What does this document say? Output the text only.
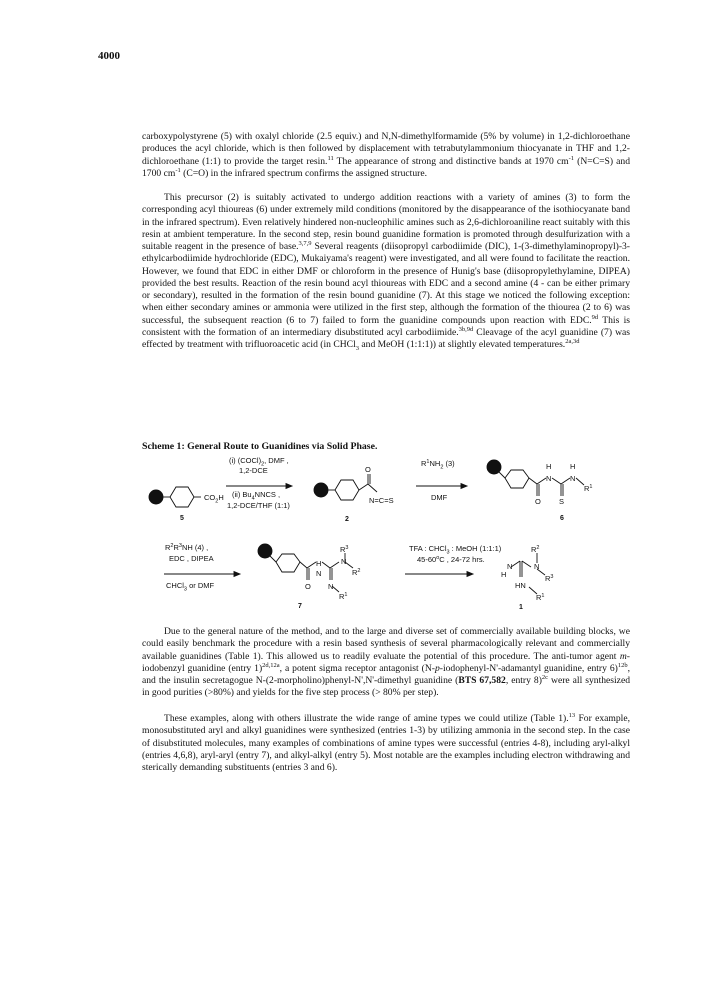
4000

carboxypolystyrene (5) with oxalyl chloride (2.5 equiv.) and N,N-dimethylformamide (5% by volume) in 1,2-dichloroethane produces the acyl chloride, which is then followed by displacement with tetrabutylammonium thiocyanate in THF and 1,2-dichloroethane (1:1) to provide the target resin.$^{11}$ The appearance of strong and distinctive bands at 1970 $cm^{-1}$ (N=C=S) and 1700 $cm^{-1}$ (C=O) in the infrared spectrum confirms the assigned structure.

This precursor (2) is suitably activated to undergo addition reactions with a variety of amines (3) to form the corresponding acyl thioureas (6) under extremely mild conditions (monitored by the disappearance of the isothiocyanate band in the infrared spectrum). Even relatively hindered non-nucleophilic amines such as 2,6-dichloroaniline react suitably with this resin at ambient temperature. In the second step, resin bound guanidine formation is promoted through desulfurization with a suitable reagent in the presence of base.$^{3,7,9}$ Several reagents (diisopropyl carbodiimide (DIC), 1-(3-dimethylaminopropyl)-3-ethylcarbodiimide hydrochloride (EDC), Mukaiyama's reagent) were investigated, and all were found to facilitate the reaction. However, we found that EDC in either DMF or chloroform in the presence of Hunig's base (diisopropylethylamine, DIPEA) provided the best results. Reaction of the resin bound acyl thioureas with EDC and a second amine (4 - can be either primary or secondary), resulted in the formation of the resin bound guanidine (7). At this stage we noticed the following exception: when either secondary amines or ammonia were utilized in the first step, although the formation of the thiourea (2 to 6) was successful, the subsequent reaction (6 to 7) failed to form the guanidine compounds upon reaction with EDC.$^{9d}$ This is consistent with the formation of an intermediary disubstituted acyl carbodiimide.$^{3b,9d}$ Cleavage of the acyl guanidine (7) was effected by treatment with trifluoroacetic acid (in CHCl$_3$ and MeOH (1:1:1)) at slightly elevated temperatures.$^{2a,3d}$

Scheme 1: General Route to Guanidines via Solid Phase.
$CO_2H$
5
(i) $(COCl)_2$, DMF ,
1,2-DCE
(ii) $Bu_4NNCS$ ,
1,2-DCE/THF (1:1)
O
N=C=S
2
$R^1NH_2$ (3)
DMF
H
N
H
N
$R^1$
O S
6
$R^2R^3NH$ (4) ,
EDC , DIPEA
CHCl$_3$ or DMF
H
N
$R^3$
N
$R^2$
O N
$R^1$
7
TFA : CHCl$_3$ : MeOH (1:1:1)
45-60$^o$C , 24-72 hrs.
$R^2$
H
N	N
$R^3$
HN
$R^1$
1

Due to the general nature of the method, and to the large and diverse set of commercially available building blocks, we could easily benchmark the procedure with a resin based synthesis of several pharmacologically relevant and commercially available guanidines (Table 1). This allowed us to readily evaluate the potential of this procedure. The anti-tumor agent m-iodobenzyl guanidine (entry 1)$^{2d,12a}$, a potent sigma receptor antagonist (N-p-iodophenyl-N'-adamantyl guanidine, entry 6)$^{12b}$, and the insulin secretagogue N-(2-morpholino)phenyl-N',N'-dimethyl guanidine (BTS 67,582, entry 8)$^{2c}$ were all synthesized in good purities (>80%) and yields for the five step process (> 80% per step).

These examples, along with others illustrate the wide range of amine types we could utilize (Table 1).$^{13}$ For example, monosubstituted aryl and alkyl guanidines were synthesized (entries 1-3) by utilizing ammonia in the second step. In the case of disubstituted molecules, many examples of combinations of amine types were successful (entries 4-8), including aryl-alkyl (entries 4,6,8), aryl-aryl (entry 7), and alkyl-alkyl (entry 5). Most notable are the examples including electron withdrawing and sterically demanding substituents (entries 3 and 6).
